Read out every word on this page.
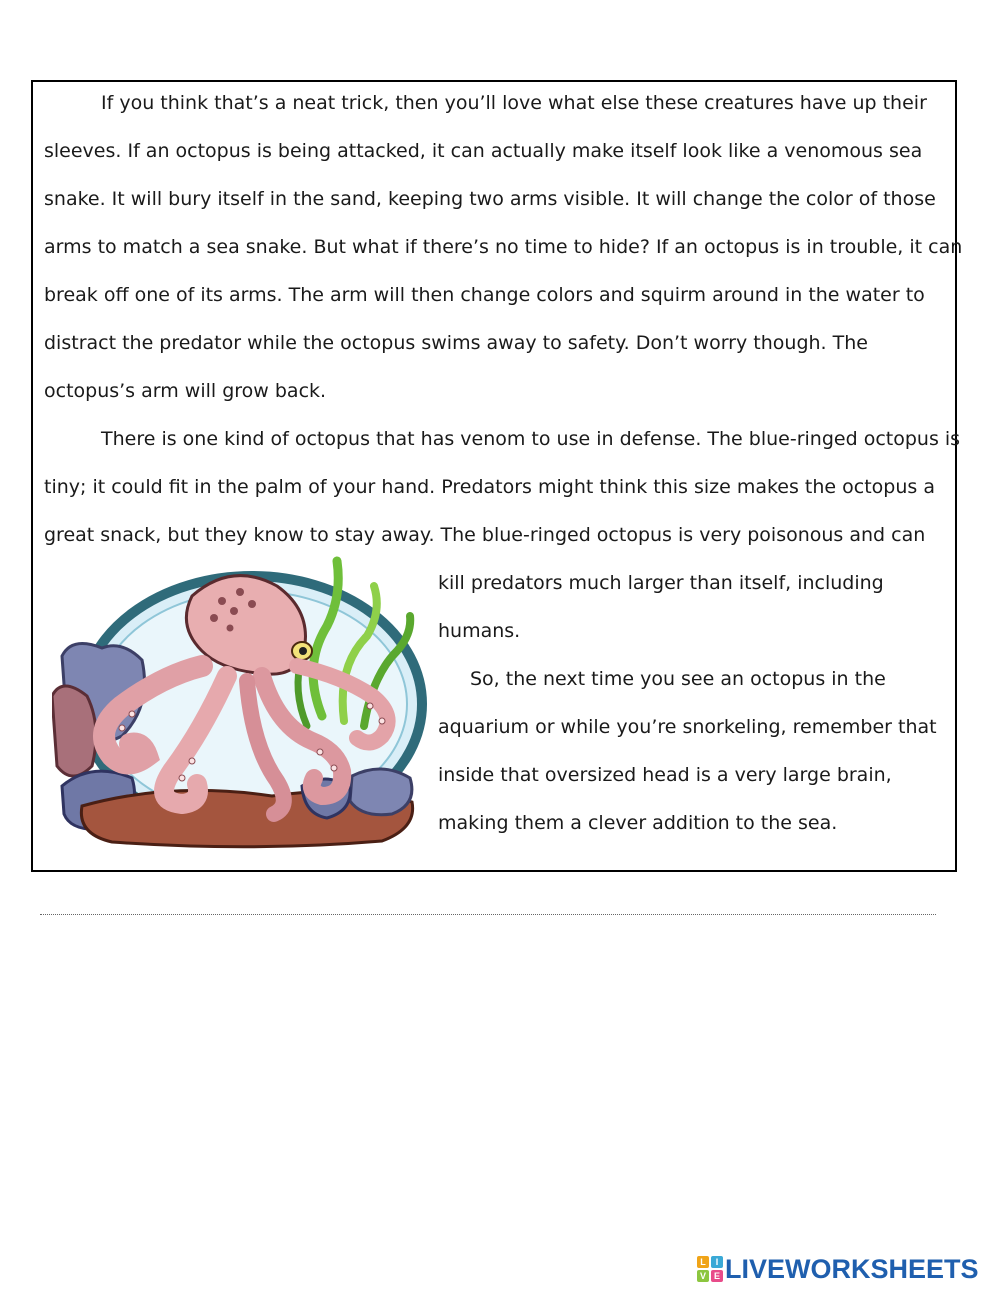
If you think that’s a neat trick, then you’ll love what else these creatures have up their
sleeves. If an octopus is being attacked, it can actually make itself look like a venomous sea
snake. It will bury itself in the sand, keeping two arms visible. It will change the color of those
arms to match a sea snake. But what if there’s no time to hide? If an octopus is in trouble, it can
break off one of its arms. The arm will then change colors and squirm around in the water to
distract the predator while the octopus swims away to safety. Don’t worry though. The
octopus’s arm will grow back.
There is one kind of octopus that has venom to use in defense. The blue-ringed octopus is
tiny; it could fit in the palm of your hand. Predators might think this size makes the octopus a
great snack, but they know to stay away. The blue-ringed octopus is very poisonous and can
kill predators much larger than itself, including
humans.
So, the next time you see an octopus in the
aquarium or while you’re snorkeling, remember that
inside that oversized head is a very large brain,
making them a clever addition to the sea.
L	I
V E LIVEWORKSHEETS
